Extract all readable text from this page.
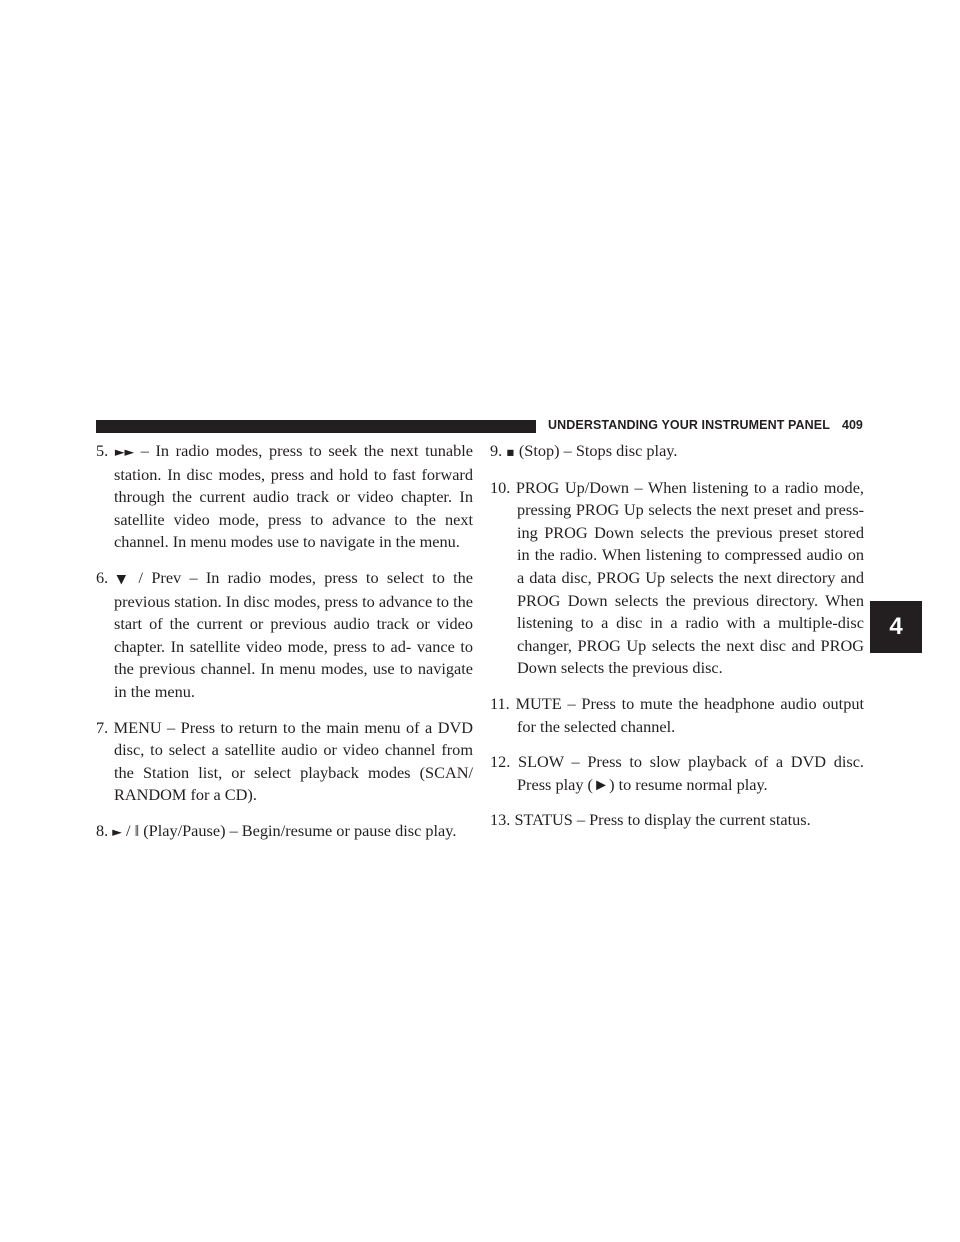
UNDERSTANDING YOUR INSTRUMENT PANEL 409
4

5. ►► – In radio modes, press to seek the next tunable station. In disc modes, press and hold to fast forward through the current audio track or video chapter. In satellite video mode, press to advance to the next channel. In menu modes use to navigate in the menu.

6. ▼ / Prev – In radio modes, press to select to the previous station. In disc modes, press to advance to the start of the current or previous audio track or video chapter. In satellite video mode, press to ad- vance to the previous channel. In menu modes, use to navigate in the menu.

7. MENU – Press to return to the main menu of a DVD disc, to select a satellite audio or video channel from the Station list, or select playback modes (SCAN/ RANDOM for a CD).

8. ► / ‖ (Play/Pause) – Begin/resume or pause disc play.

9. ▪ (Stop) – Stops disc play.

10. PROG Up/Down – When listening to a radio mode, pressing PROG Up selects the next preset and press- ing PROG Down selects the previous preset stored in the radio. When listening to compressed audio on a data disc, PROG Up selects the next directory and PROG Down selects the previous directory. When listening to a disc in a radio with a multiple-disc changer, PROG Up selects the next disc and PROG Down selects the previous disc.

11. MUTE – Press to mute the headphone audio output for the selected channel.

12. SLOW – Press to slow playback of a DVD disc. Press play (►) to resume normal play.

13. STATUS – Press to display the current status.
